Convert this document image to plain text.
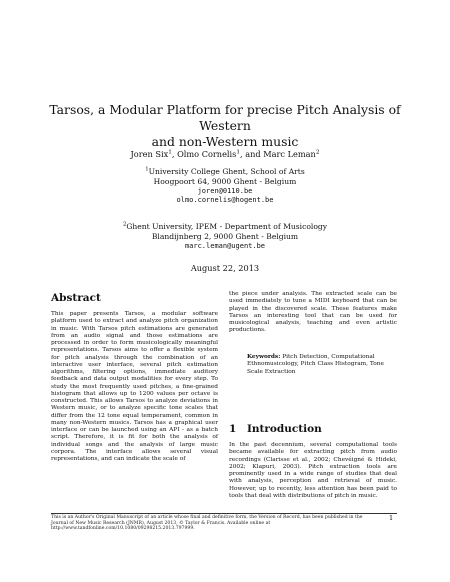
Tarsos, a Modular Platform for precise Pitch Analysis of Western
and non-Western music
Joren Six$^1$, Olmo Cornelis$^1$, and Marc Leman$^2$
$^1$University College Ghent, School of Arts
Hoogpoort 64, 9000 Ghent - Belgium
joren@0110.be
olmo.cornelis@hogent.be
$^2$Ghent University, IPEM - Department of Musicology
Blandijnberg 2, 9000 Ghent - Belgium
marc.leman@ugent.be
August 22, 2013
Abstract
This paper presents Tarsos, a modular software platform used to extract and analyze pitch organization in music. With Tarsos pitch estimations are generated from an audio signal and those estimations are processed in order to form musicologically meaningful representations. Tarsos aims to offer a flexible system for pitch analysis through the combination of an interactive user interface, several pitch estimation algorithms, filtering options, immediate auditory feedback and data output modalities for every step. To study the most frequently used pitches, a fine-grained histogram that allows up to 1200 values per octave is constructed. This allows Tarsos to analyze deviations in Western music, or to analyze specific tone scales that differ from the 12 tone equal temperament, common in many non-Western musics. Tarsos has a graphical user interface or can be launched using an API - as a batch script. Therefore, it is fit for both the analysis of individual songs and the analysis of large music corpora. The interface allows several visual representations, and can indicate the scale of
the piece under analysis. The extracted scale can be used immediately to tune a MIDI keyboard that can be played in the discovered scale. These features make Tarsos an interesting tool that can be used for musicological analysis, teaching and even artistic productions.
Keywords: Pitch Detection, Computational Ethnomusicology, Pitch Class Histogram, Tone Scale Extraction
1 Introduction
In the past decennium, several computational tools became available for extracting pitch from audio recordings (Clarisse et al., 2002; Chevéigné & Hideki, 2002; Klapuri, 2003). Pitch extraction tools are prominently used in a wide range of studies that deal with analysis, perception and retrieval of music. However, up to recently, less attention has been paid to tools that deal with distributions of pitch in music.
This is an Author's Original Manuscript of an article whose final and definitive form, the Version of Record, has been published in the Journal of New Music Research (JNMR), August 2013, © Taylor & Francis. Available online at http://www.tandfonline.com/10.1080/09298215.2013.797999.
1
